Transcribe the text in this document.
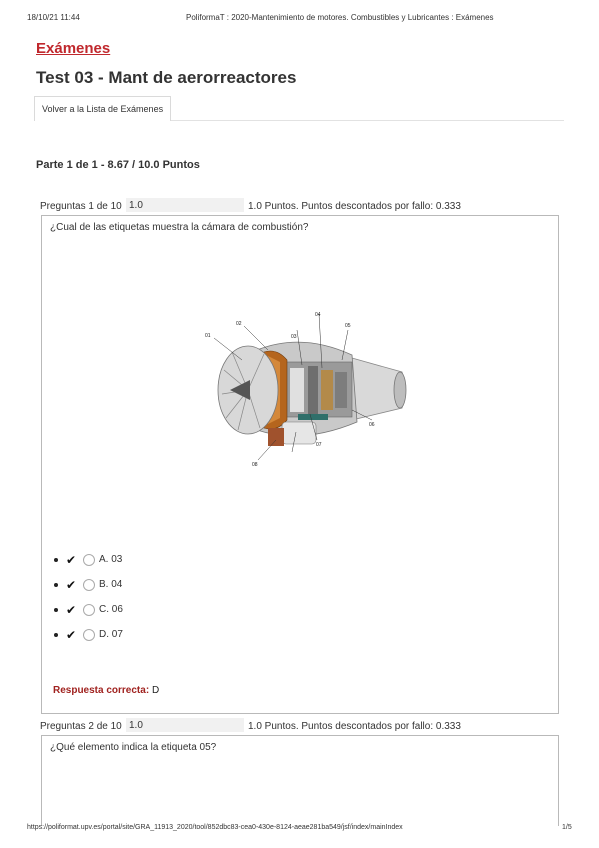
18/10/21 11:44	PoliformaT : 2020-Mantenimiento de motores. Combustibles y Lubricantes : Exámenes
Exámenes
Test 03 - Mant de aerorreactores
Volver a la Lista de Exámenes
Parte 1 de 1 - 8.67 / 10.0 Puntos
Preguntas 1 de 10
1.0	1.0 Puntos. Puntos descontados por fallo: 0.333
¿Cual de las etiquetas muestra la cámara de combustión?
01
02
03
04
05
06
07
08
✔	A. 03
✔	B. 04
✔	C. 06
✔	D. 07
Respuesta correcta: D
Preguntas 2 de 10
1.0	1.0 Puntos. Puntos descontados por fallo: 0.333
¿Qué elemento indica la etiqueta 05?
https://poliformat.upv.es/portal/site/GRA_11913_2020/tool/852dbc83-cea0-430e-8124-aeae281ba549/jsf/index/mainIndex	1/5
